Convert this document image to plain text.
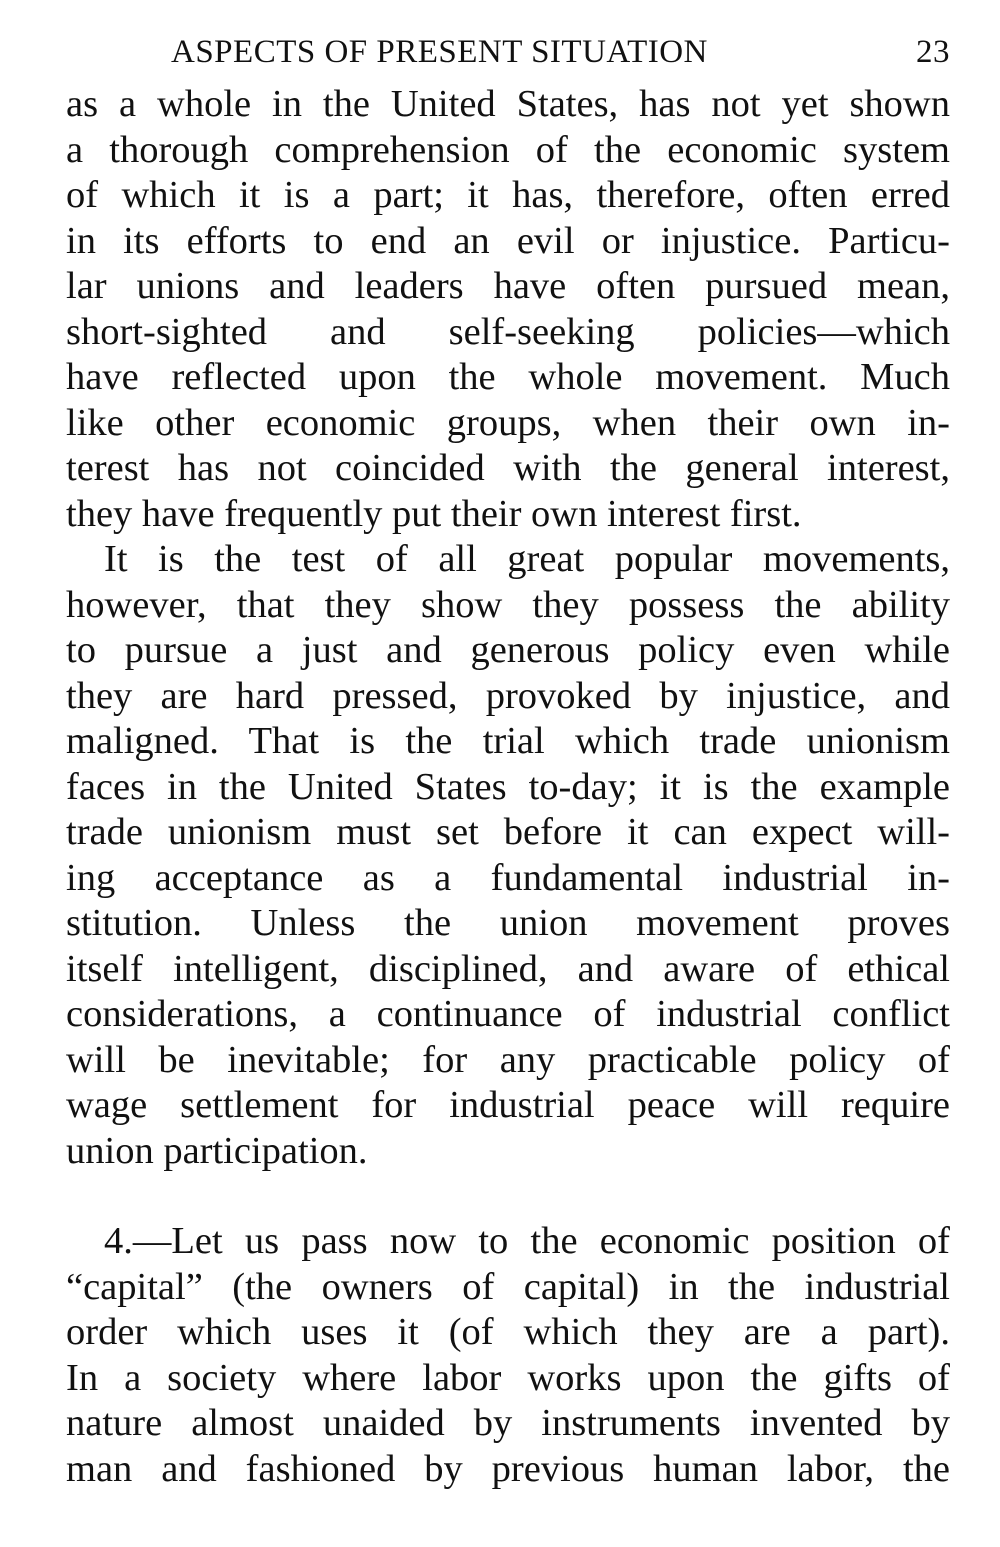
ASPECTS OF PRESENT SITUATION	23
as a whole in the United States, has not yet shown
a thorough comprehension of the economic system
of which it is a part; it has, therefore, often erred
in its efforts to end an evil or injustice. Particu-
lar unions and leaders have often pursued mean,
short-sighted and self-seeking policies—which
have reflected upon the whole movement. Much
like other economic groups, when their own in-
terest has not coincided with the general interest,
they have frequently put their own interest first.
It is the test of all great popular movements,
however, that they show they possess the ability
to pursue a just and generous policy even while
they are hard pressed, provoked by injustice, and
maligned. That is the trial which trade unionism
faces in the United States to-day; it is the example
trade unionism must set before it can expect will-
ing acceptance as a fundamental industrial in-
stitution. Unless the union movement proves
itself intelligent, disciplined, and aware of ethical
considerations, a continuance of industrial conflict
will be inevitable; for any practicable policy of
wage settlement for industrial peace will require
union participation.
4.—Let us pass now to the economic position of
“capital” (the owners of capital) in the industrial
order which uses it (of which they are a part).
In a society where labor works upon the gifts of
nature almost unaided by instruments invented by
man and fashioned by previous human labor, the
